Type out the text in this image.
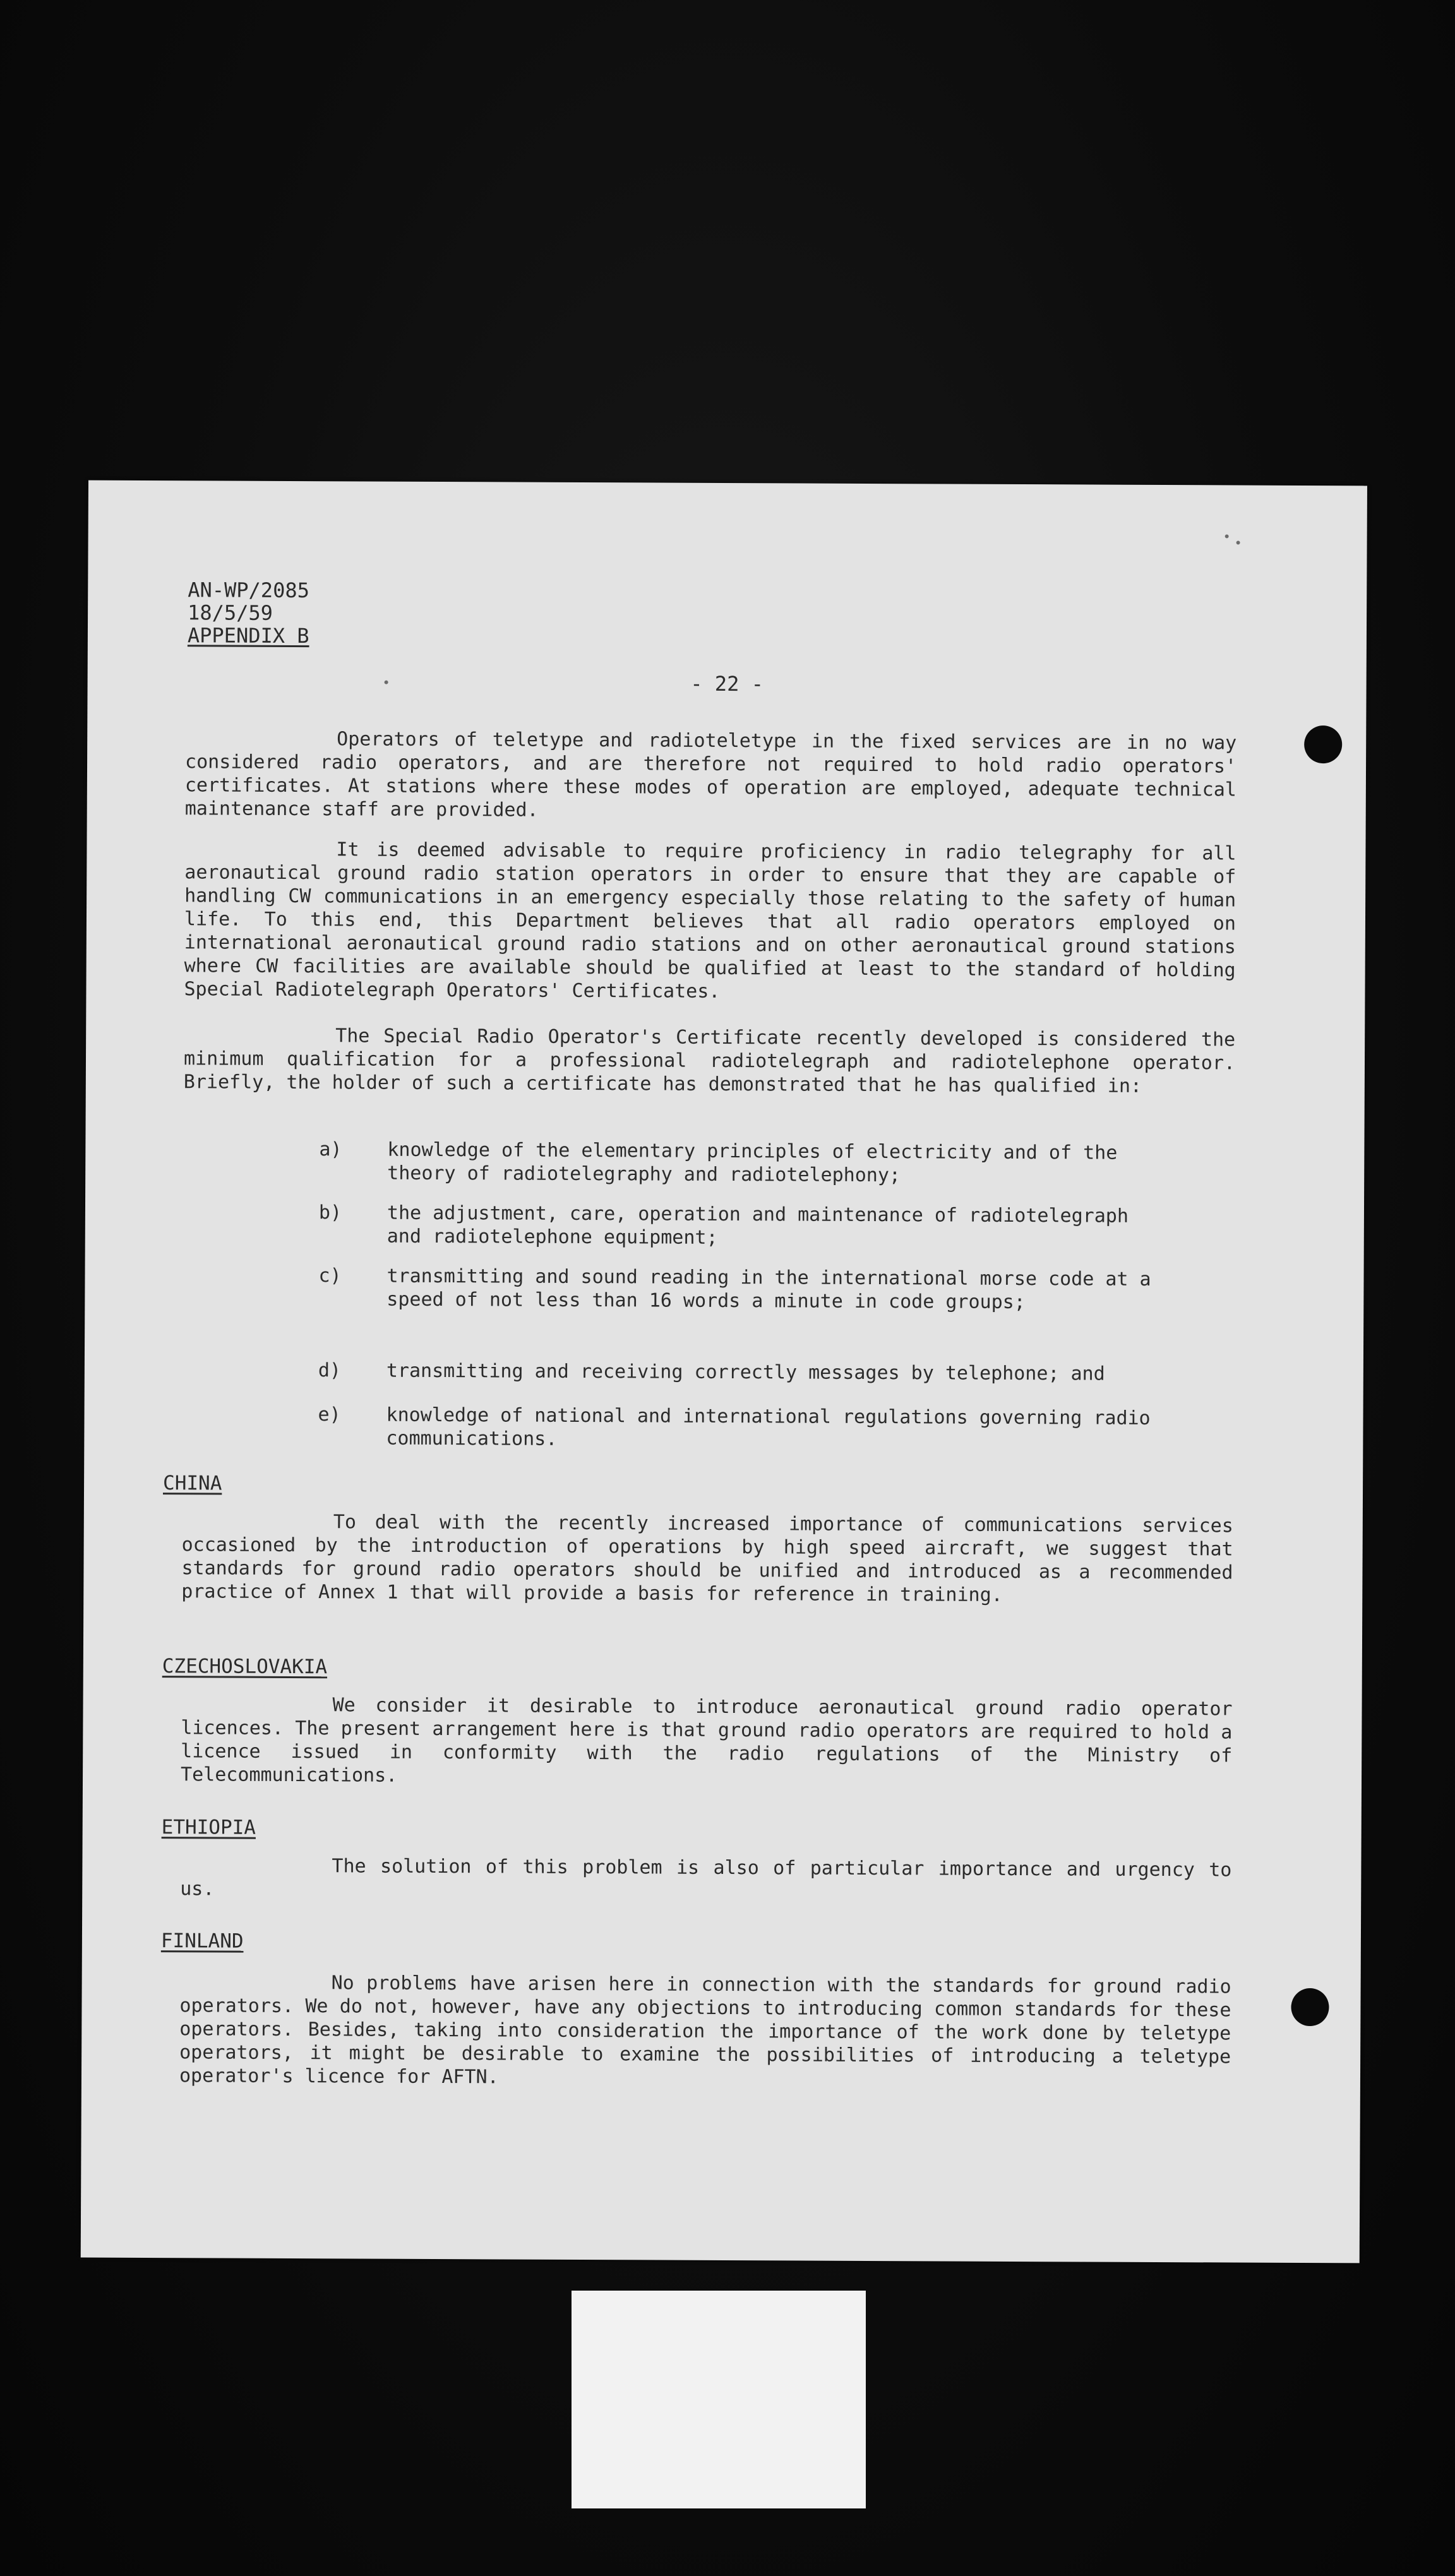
AN-WP/2085
18/5/59
APPENDIX B
- 22 -

Operators of teletype and radioteletype in the fixed services are in no way considered radio operators, and are therefore not required to hold radio operators' certificates. At stations where these modes of operation are employed, adequate technical maintenance staff are provided.

It is deemed advisable to require proficiency in radio telegraphy for all aeronautical ground radio station operators in order to ensure that they are capable of handling CW communications in an emergency especially those relating to the safety of human life. To this end, this Department believes that all radio operators employed on international aeronautical ground radio stations and on other aeronautical ground stations where CW facilities are available should be qualified at least to the standard of holding Special Radiotelegraph Operators' Certificates.

The Special Radio Operator's Certificate recently developed is considered the minimum qualification for a professional radiotelegraph and radiotelephone operator. Briefly, the holder of such a certificate has demonstrated that he has qualified in:

a) knowledge of the elementary principles of electricity and of the theory of radiotelegraphy and radiotelephony;
b) the adjustment, care, operation and maintenance of radiotelegraph and radiotelephone equipment;
c) transmitting and sound reading in the international morse code at a speed of not less than 16 words a minute in code groups;
d) transmitting and receiving correctly messages by telephone; and
e) knowledge of national and international regulations governing radio communications.
CHINA

To deal with the recently increased importance of communications services occasioned by the introduction of operations by high speed aircraft, we suggest that standards for ground radio operators should be unified and introduced as a recommended practice of Annex 1 that will provide a basis for reference in training.

CZECHOSLOVAKIA

We consider it desirable to introduce aeronautical ground radio operator licences. The present arrangement here is that ground radio operators are required to hold a licence issued in conformity with the radio regulations of the Ministry of Telecommunications.

ETHIOPIA

The solution of this problem is also of particular importance and urgency to us.

FINLAND

No problems have arisen here in connection with the standards for ground radio operators. We do not, however, have any objections to introducing common standards for these operators. Besides, taking into consideration the importance of the work done by teletype operators, it might be desirable to examine the possibilities of introducing a teletype operator's licence for AFTN.
